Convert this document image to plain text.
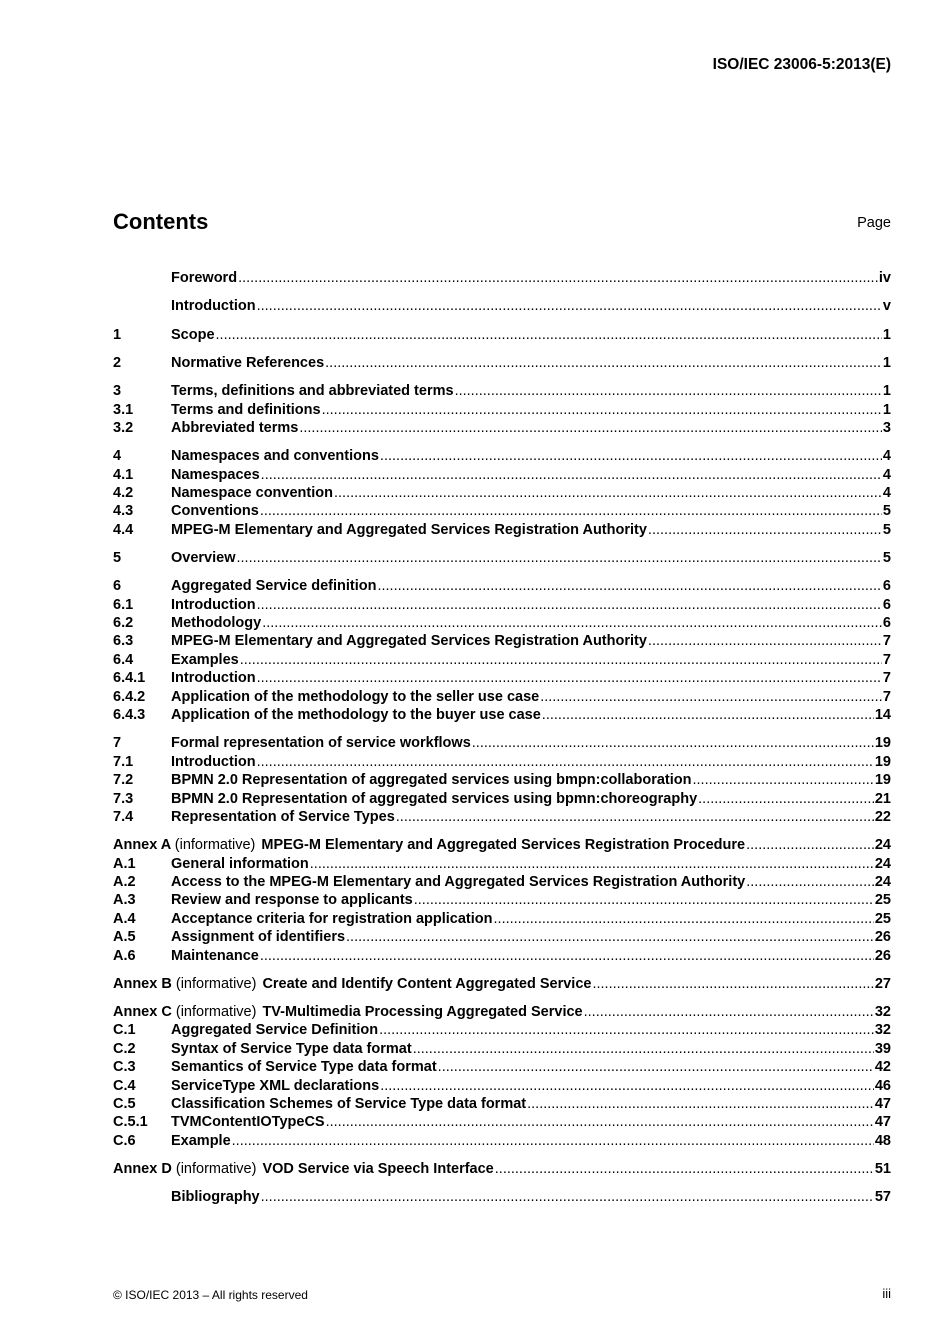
ISO/IEC 23006-5:2013(E)
Contents	Page
Foreword .....	iv
Introduction .....	v
1	Scope .....	1
2	Normative References .....	1
3	Terms, definitions and abbreviated terms .....	1
3.1	Terms and definitions .....	1
3.2	Abbreviated terms .....	3
4	Namespaces and conventions .....	4
4.1	Namespaces .....	4
4.2	Namespace convention .....	4
4.3	Conventions .....	5
4.4	MPEG-M Elementary and Aggregated Services Registration Authority .....	5
5	Overview .....	5
6	Aggregated Service definition .....	6
6.1	Introduction .....	6
6.2	Methodology .....	6
6.3	MPEG-M Elementary and Aggregated Services Registration Authority .....	7
6.4	Examples .....	7
6.4.1	Introduction .....	7
6.4.2	Application of the methodology to the seller use case .....	7
6.4.3	Application of the methodology to the buyer use case .....	14
7	Formal representation of service workflows .....	19
7.1	Introduction .....	19
7.2	BPMN 2.0 Representation of aggregated services using bmpn:collaboration .....	19
7.3	BPMN 2.0 Representation of aggregated services using bpmn:choreography .....	21
7.4	Representation of Service Types .....	22
Annex A (informative) MPEG-M Elementary and Aggregated Services Registration Procedure .....	24
A.1	General information .....	24
A.2	Access to the MPEG-M Elementary and Aggregated Services Registration Authority .....	24
A.3	Review and response to applicants .....	25
A.4	Acceptance criteria for registration application .....	25
A.5	Assignment of identifiers .....	26
A.6	Maintenance .....	26
Annex B (informative) Create and Identify Content Aggregated Service .....	27
Annex C (informative) TV-Multimedia Processing Aggregated Service .....	32
C.1	Aggregated Service Definition .....	32
C.2	Syntax of Service Type data format .....	39
C.3	Semantics of Service Type data format .....	42
C.4	ServiceType XML declarations .....	46
C.5	Classification Schemes of Service Type data format .....	47
C.5.1	TVMContentIOTypeCS .....	47
C.6	Example .....	48
Annex D (informative) VOD Service via Speech Interface .....	51
Bibliography .....	57
© ISO/IEC 2013 – All rights reserved	iii
